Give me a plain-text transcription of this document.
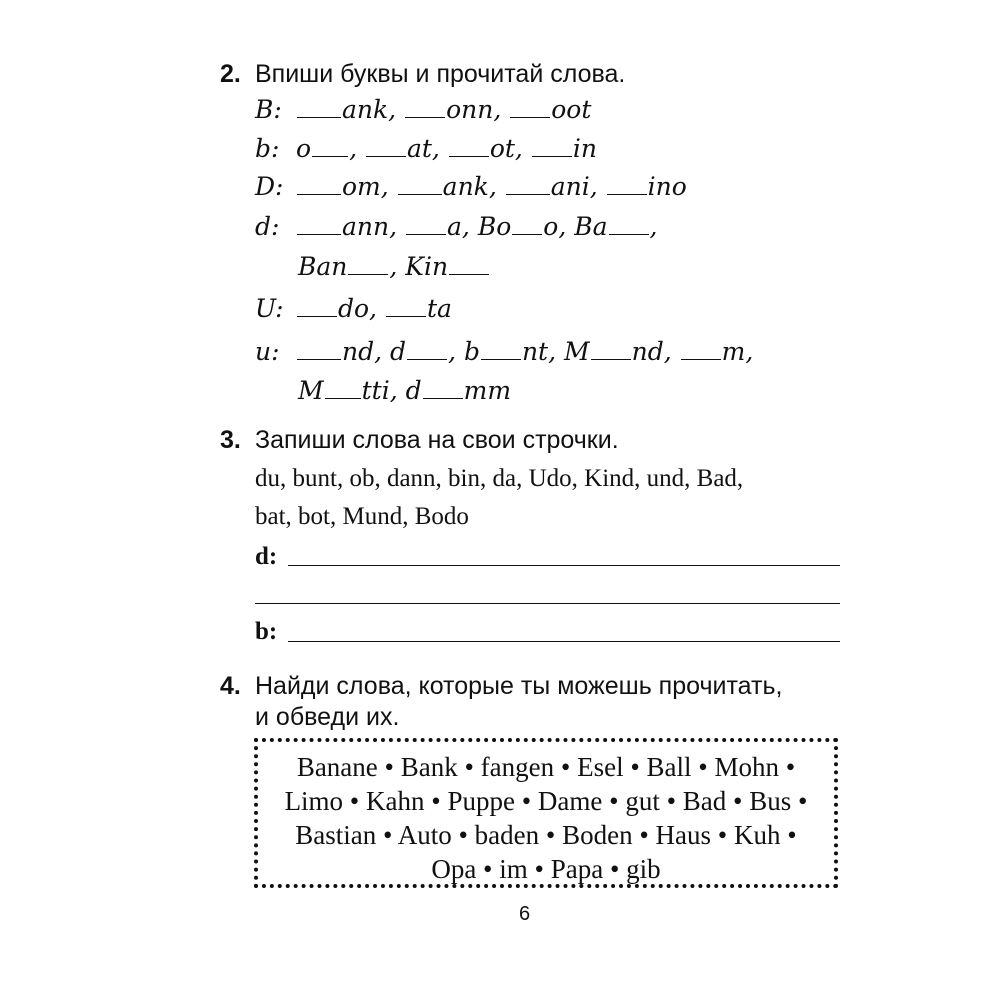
2. Впиши буквы и прочитай слова.
B:	ank, onn, oot
b: o , at, ot, in
D:	om, ank, ani, ino
d:	ann, a, Bo o, Ba ,
Ban , Kin
U:	do, ta
u:	nd, d , b nt, M nd, m,
M tti, d mm
3. Запиши слова на свои строчки.
du, bunt, ob, dann, bin, da, Udo, Kind, und, Bad,
bat, bot, Mund, Bodo
d:
b:
4. Найди слова, которые ты можешь прочитать,
и обведи их.
Banane • Bank • fangen • Esel • Ball • Mohn •
Limo • Kahn • Puppe • Dame • gut • Bad • Bus •
Bastian • Auto • baden • Boden • Haus • Kuh •
Opa • im • Papa • gib
6
